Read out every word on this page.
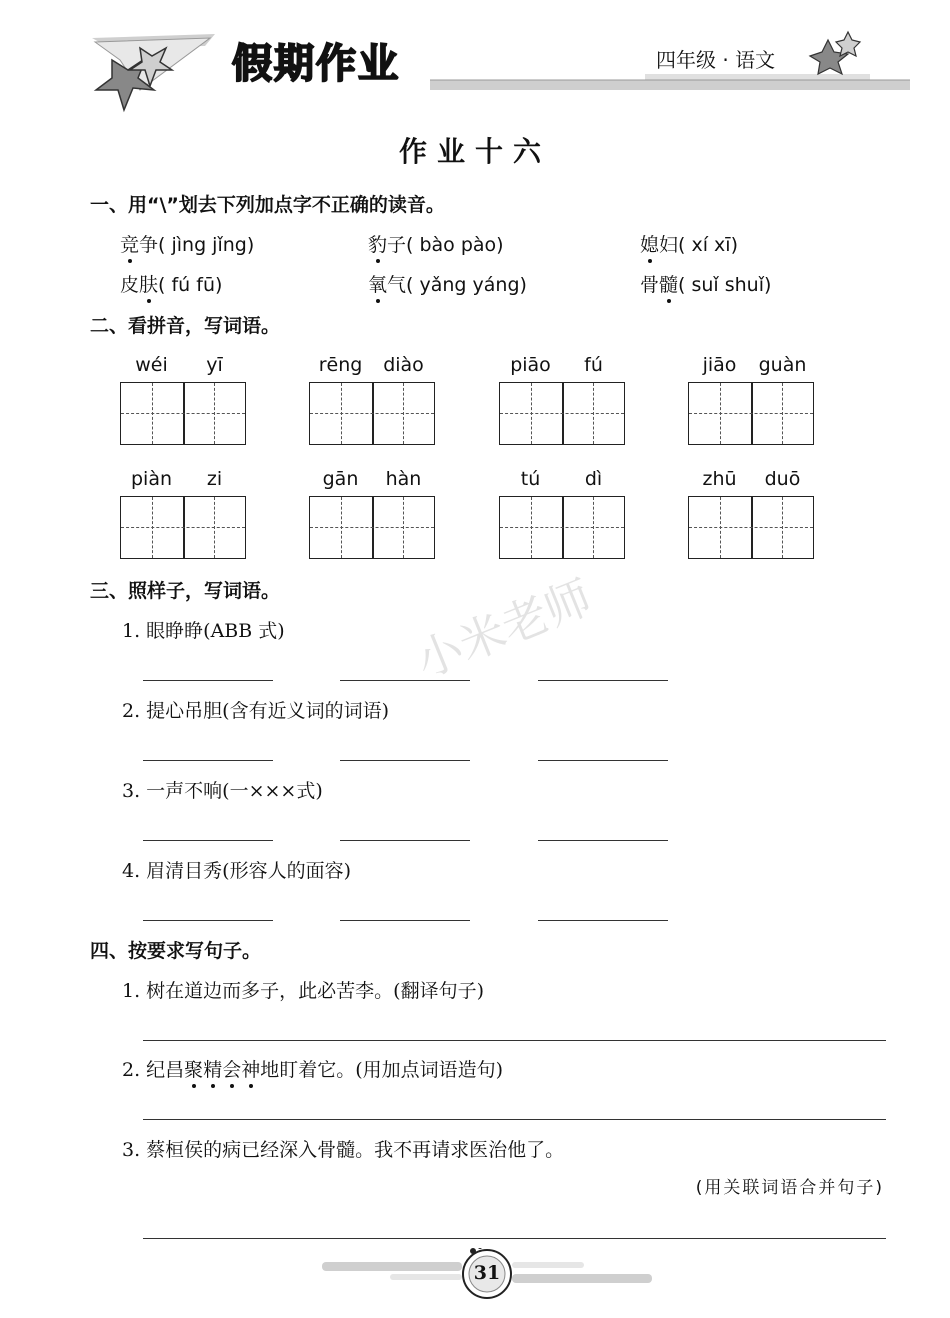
假期作业	四年级 · 语文
作业十六
小米老师
一、用“\”划去下列加点字不正确的读音。
竞争( jìng jǐng)	豹子( bào pào)	媳妇( xí xī)
皮肤( fú fū)	氧气( yǎng yáng)	骨髓( suǐ shuǐ)
二、看拼音，写词语。
wéi	yī	rēng	diào	piāo	fú	jiāo	guàn
piàn	zi	gān	hàn	tú	dì	zhū	duō
三、照样子，写词语。
1. 眼睁睁(ABB 式)
2. 提心吊胆(含有近义词的词语)
3. 一声不响(一×××式)
4. 眉清目秀(形容人的面容)
四、按要求写句子。
1. 树在道边而多子，此必苦李。(翻译句子)
2. 纪昌聚精会神地盯着它。(用加点词语造句)
3. 蔡桓侯的病已经深入骨髓。我不再请求医治他了。
(用关联词语合并句子)
31
